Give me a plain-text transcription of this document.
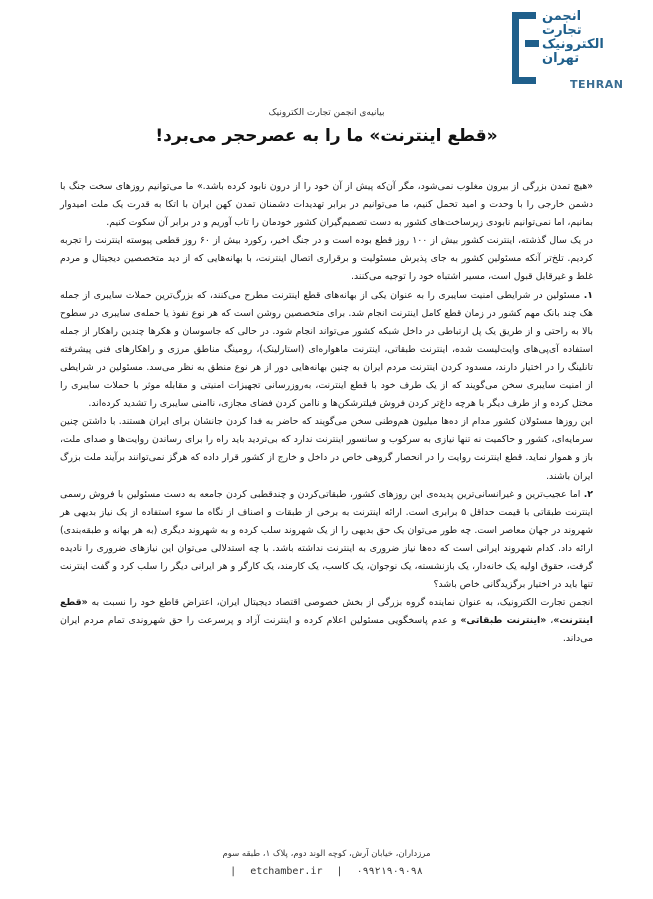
انجمن
تجارت
الکترونیک
تهران
TEHRAN
بیانیه‌ی انجمن تجارت الکترونیک
«قطع اینترنت» ما را به عصرحجر می‌برد!

«هیچ تمدن بزرگی از بیرون مغلوب نمی‌شود، مگر آن‌که پیش از آن خود را از درون نابود کرده باشد.» ما می‌توانیم روزهای سخت جنگ با دشمن خارجی را با وحدت و امید تحمل کنیم، ما می‌توانیم در برابر تهدیدات دشمنان تمدن کهن ایران با اتکا به قدرت یک ملت امیدوار بمانیم، اما نمی‌توانیم نابودی زیرساخت‌های کشور به دست تصمیم‌گیران کشور خودمان را تاب آوریم و در برابر آن سکوت کنیم.

در یک سال گذشته، اینترنت کشور بیش از ۱۰۰ روز قطع بوده است و در جنگ اخیر، رکورد بیش از ۶۰ روز قطعی پیوسته اینترنت را تجربه کردیم. تلخ‌تر آنکه مسئولین کشور به جای پذیرش مسئولیت و برقراری اتصال اینترنت، با بهانه‌هایی که از دید متخصصین دیجیتال و مردم غلط و غیرقابل قبول است، مسیر اشتباه خود را توجیه می‌کنند.

۱. مسئولین در شرایطی امنیت سایبری را به عنوان یکی از بهانه‌های قطع اینترنت مطرح می‌کنند، که بزرگ‌ترین حملات سایبری از جمله هک چند بانک مهم کشور در زمان قطع کامل اینترنت انجام شد. برای متخصصین روشن است که هر نوع نفوذ یا حمله‌ی سایبری در سطوح بالا به راحتی و از طریق یک پل ارتباطی در داخل شبکه کشور می‌تواند انجام شود. در حالی که جاسوسان و هکرها چندین راهکار از جمله استفاده آی‌پی‌های وایت‌لیست شده، اینترنت طبقاتی، اینترنت ماهواره‌ای (استارلینک)، رومینگ مناطق مرزی و راهکارهای فنی پیشرفته تانلینگ را در اختیار دارند، مسدود کردن اینترنت مردم ایران به چنین بهانه‌هایی دور از هر نوع منطق به نظر می‌سد. مسئولین در شرایطی از امنیت سایبری سخن می‌گویند که از یک طرف خود با قطع اینترنت، به‌روزرسانی تجهیزات امنیتی و مقابله موثر با حملات سایبری را مختل کرده و از طرف دیگر با هرچه داغ‌تر کردن فروش فیلترشکن‌ها و ناامن کردن فضای مجازی، ناامنی سایبری را تشدید کرده‌اند.

این روزها مسئولان کشور مدام از ده‌ها میلیون هم‌وطنی سخن می‌گویند که حاضر به فدا کردن جانشان برای ایران هستند. با داشتن چنین سرمایه‌ای، کشور و حاکمیت نه تنها نیازی به سرکوب و سانسور اینترنت ندارد که بی‌تردید باید راه را برای رساندن روایت‌ها و صدای ملت، باز و هموار نماید. قطع اینترنت روایت را در انحصار گروهی خاص در داخل و خارج از کشور قرار داده که هرگز نمی‌توانند برآیند ملت بزرگ ایران باشند.

۲. اما عجیب‌ترین و غیرانسانی‌ترین پدیده‌ی این روزهای کشور، طبقاتی‌کردن و چندقطبی کردن جامعه به دست مسئولین با فروش رسمی اینترنت طبقاتی با قیمت حداقل ۵ برابری است. ارائه اینترنت به برخی از طبقات و اصناف از نگاه ما سوء استفاده از یک نیاز بدیهی هر شهروند در جهان معاصر است. چه طور می‌توان یک حق بدیهی را از یک شهروند سلب کرده و به شهروند دیگری (به هر بهانه و طبقه‌بندی) ارائه داد. کدام شهروند ایرانی است که ده‌ها نیاز ضروری به اینترنت نداشته باشد. با چه استدلالی می‌توان این نیازهای ضروری را نادیده گرفت، حقوق اولیه یک خانه‌دار، یک بازنشسته، یک نوجوان، یک کاسب، یک کارمند، یک کارگر و هر ایرانی دیگر را سلب کرد و گفت اینترنت تنها باید در اختیار برگزیدگانی خاص باشد؟

انجمن تجارت الکترونیک، به عنوان نماینده گروه بزرگی از بخش خصوصی اقتصاد دیجیتال ایران، اعتراض قاطع خود را نسبت به «قطع اینترنت»، «اینترنت طبقاتی» و عدم پاسخگویی مسئولین اعلام کرده و اینترنت آزاد و پرسرعت را حق شهروندی تمام مردم ایران می‌داند.

مرزداران، خیابان آرش، کوچه الوند دوم، پلاک ۱، طبقه سوم
| etchamber.ir | ۰۹۹۲۱۹۰۹۰۹۸
